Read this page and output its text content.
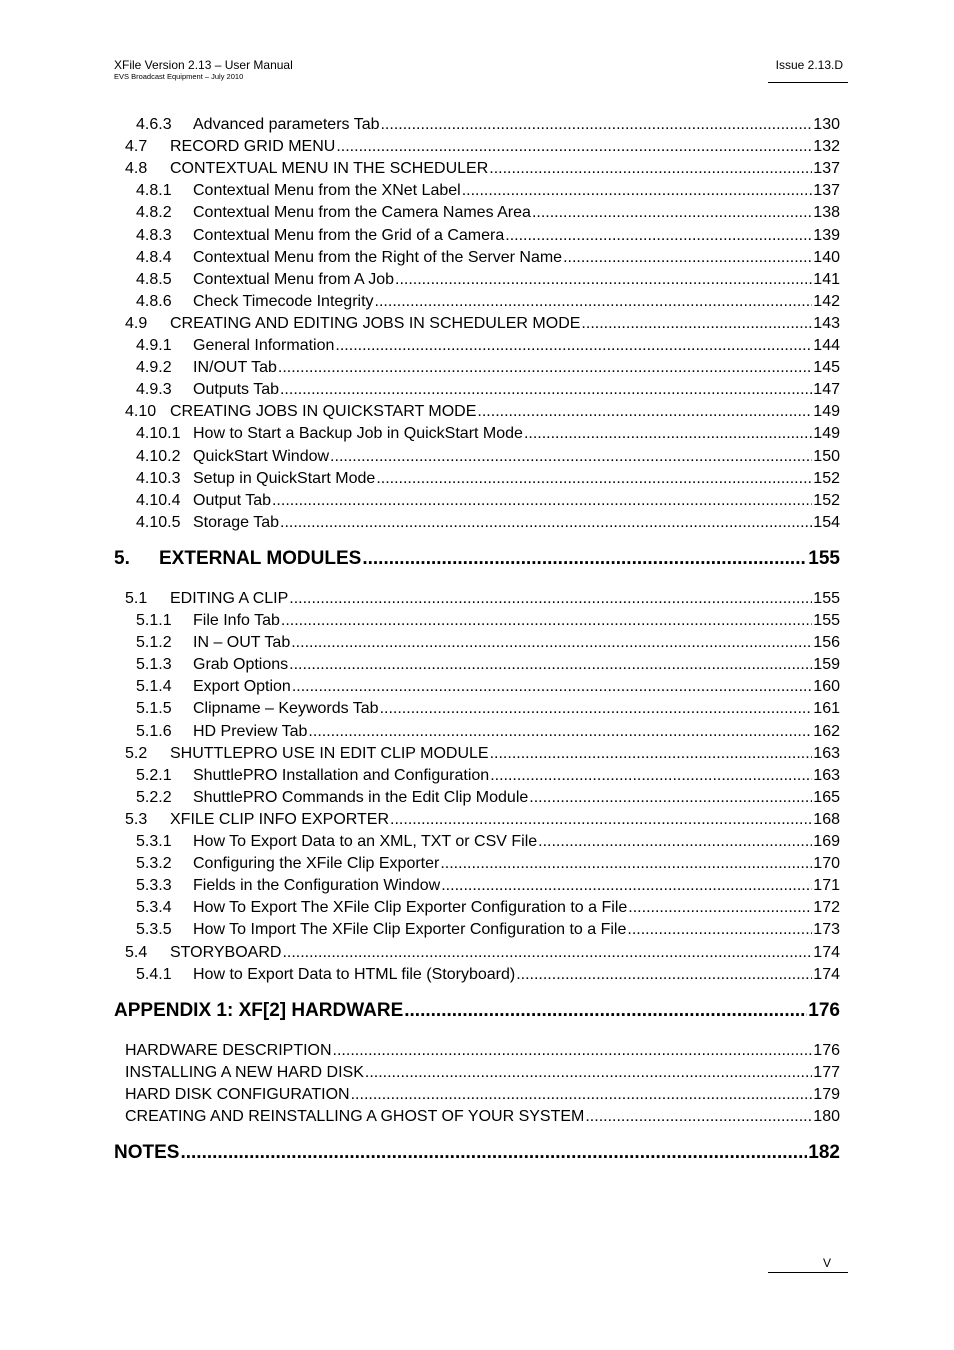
XFile Version 2.13 – User Manual
EVS Broadcast Equipment – July 2010
Issue 2.13.D
4.6.3	Advanced parameters Tab .....	130
4.7	RECORD GRID MENU .....	132
4.8	CONTEXTUAL MENU IN THE SCHEDULER .....	137
4.8.1	Contextual Menu from the XNet Label .....	137
4.8.2	Contextual Menu from the Camera Names Area .....	138
4.8.3	Contextual Menu from the Grid of a Camera .....	139
4.8.4	Contextual Menu from the Right of the Server Name .....	140
4.8.5	Contextual Menu from A Job .....	141
4.8.6	Check Timecode Integrity .....	142
4.9	CREATING AND EDITING JOBS IN SCHEDULER MODE .....	143
4.9.1	General Information .....	144
4.9.2	IN/OUT Tab .....	145
4.9.3	Outputs Tab .....	147
4.10 CREATING JOBS IN QUICKSTART MODE .....	149
4.10.1 How to Start a Backup Job in QuickStart Mode .....	149
4.10.2 QuickStart Window .....	150
4.10.3 Setup in QuickStart Mode .....	152
4.10.4 Output Tab .....	152
4.10.5 Storage Tab .....	154
5.	EXTERNAL MODULES .....	155
5.1	EDITING A CLIP .....	155
5.1.1	File Info Tab .....	155
5.1.2	IN – OUT Tab .....	156
5.1.3	Grab Options .....	159
5.1.4	Export Option .....	160
5.1.5	Clipname – Keywords Tab .....	161
5.1.6	HD Preview Tab .....	162
5.2	SHUTTLEPRO USE IN EDIT CLIP MODULE .....	163
5.2.1	ShuttlePRO Installation and Configuration .....	163
5.2.2	ShuttlePRO Commands in the Edit Clip Module .....	165
5.3	XFILE CLIP INFO EXPORTER .....	168
5.3.1	How To Export Data to an XML, TXT or CSV File .....	169
5.3.2	Configuring the XFile Clip Exporter .....	170
5.3.3	Fields in the Configuration Window .....	171
5.3.4	How To Export The XFile Clip Exporter Configuration to a File .....	172
5.3.5	How To Import The XFile Clip Exporter Configuration to a File .....	173
5.4	STORYBOARD .....	174
5.4.1	How to Export Data to HTML file (Storyboard) .....	174
APPENDIX 1: XF[2] HARDWARE .....	176
HARDWARE DESCRIPTION .....	176
INSTALLING A NEW HARD DISK .....	177
HARD DISK CONFIGURATION .....	179
CREATING AND REINSTALLING A GHOST OF YOUR SYSTEM .....	180
NOTES .....	182
V
